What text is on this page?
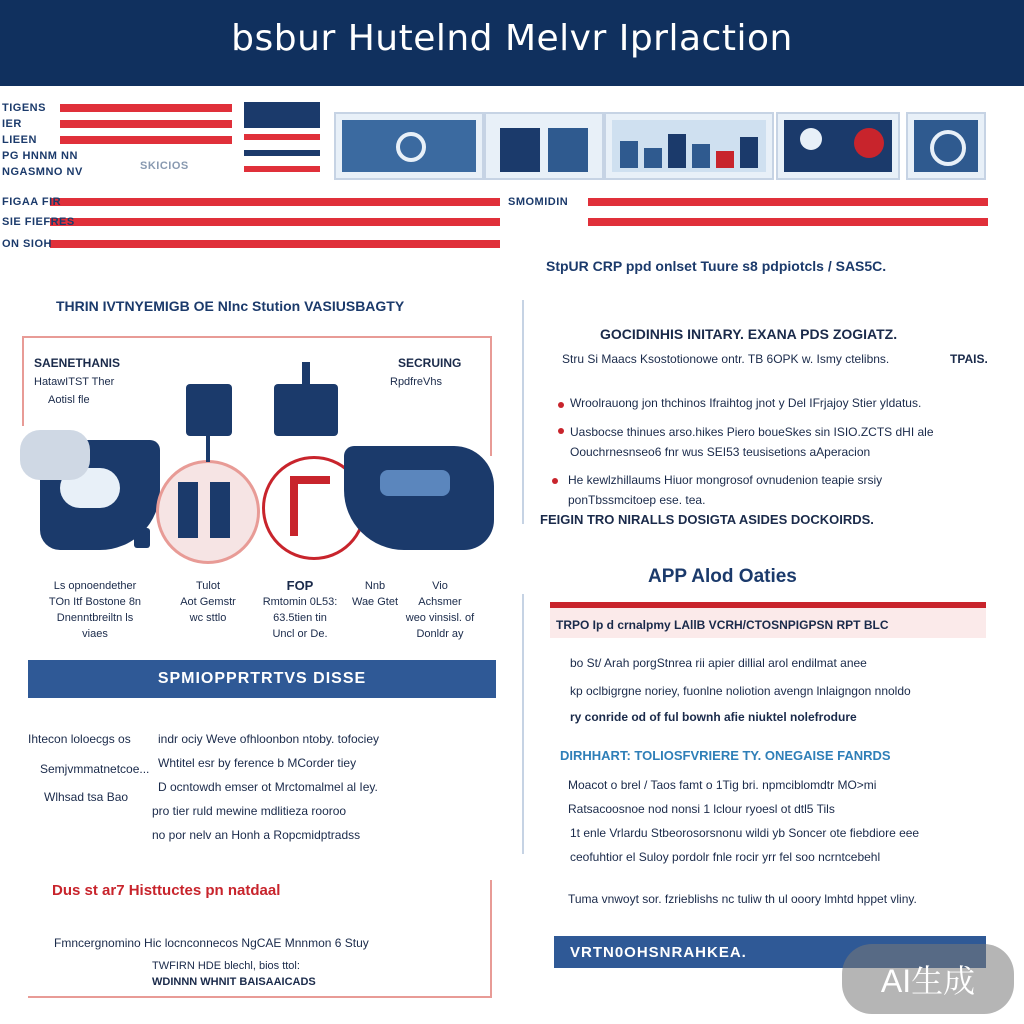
bsbur Hutelnd Melvr Iprlaction
TIGENS
IER
LIEEN
PG HNNM NN
NGASMNO NV	SKICIOS
FIGAA FIR
SIE FIEFRES
ON SIOH
SMOMIDIN
StpUR CRP ppd onlset Tuure s8 pdpiotcls / SAS5C.
THRIN IVTNYEMIGB OE Nlnc Stution VASIUSBAGTY
SAENETHANIS
HatawITST Ther
Aotisl fle
SECRUING
RpdfreVhs
Ls opnoendether
TOn Itf Bostone 8n
Dnenntbreiltn ls
viaes
Tulot
Aot Gemstr
wc sttlo
FOP
Rmtomin 0L53:
63.5tien tin
Uncl or De.
Nnb
Wae Gtet
Vio
Achsmer
weo vinsisl. of
Donldr ay
SPMIOPPRTRTVS DISSE
Ihtecon loloecgs os
Semjvmmatnetcoe...
Wlhsad tsa Bao
indr ociy Weve ofhloonbon ntoby. tofociey
Whtitel esr by ference b MCorder tiey
D ocntowdh emser ot Mrctomalmel al Iey.
pro tier ruld mewine mdlitieza rooroo
no por nelv an Honh a Ropcmidptradss
Dus st ar7 Histtuctes pn natdaal
Fmncergnomino Hic locnconnecos NgCAE Mnnmon 6 Stuy
TWFIRN HDE blechl, bios ttol:
WDINNN WHNIT BAISAAICADS
GOCIDINHIS INITARY. EXANA PDS ZOGIATZ.
Stru Si Maacs Ksostotionowe ontr. TB 6OPK w. Ismy ctelibns.	TPAIS.
Wroolrauong jon thchinos Ifraihtog jnot y Del IFrjajoy Stier yldatus.
Uasbocse thinues arso.hikes Piero boueSkes sin ISIO.ZCTS dHI ale Oouchrnesnseo6 fnr wus SEI53 teusisetions aAperacion
He kewlzhillaums Hiuor mongrosof ovnudenion teapie srsiy ponTbssmcitoep ese. tea.
FEIGIN TRO NIRALLS DOSIGTA ASIDES DOCKOIRDS.
APP Alod Oaties
TRPO Ip d crnalpmy LAllB VCRH/CTOSNPIGPSN RPT BLC
bo St/ Arah porgStnrea rii apier dillial arol endilmat anee
kp oclbigrgne noriey, fuonlne noliotion avengn lnlaigngon nnoldo
ry conride od of ful bownh afie niuktel nolefrodure
DIRHHART: TOLIOSFVRIERE TY. ONEGAISE FANRDS
Moacot o brel / Taos famt o 1Tig bri. npmciblomdtr MO>mi
Ratsacoosnoe nod nonsi 1 lclour ryoesl ot dtl5 Tils
1t enle Vrlardu Stbeorosorsnonu wildi yb Soncer ote fiebdiore eee
ceofuhtior el Suloy pordolr fnle rocir yrr fel soo ncrntcebehl
Tuma vnwoyt sor. fzrieblishs nc tuliw th ul ooory lmhtd hppet vliny.
VRTN0OHSNRAHKEA.
AI生成
